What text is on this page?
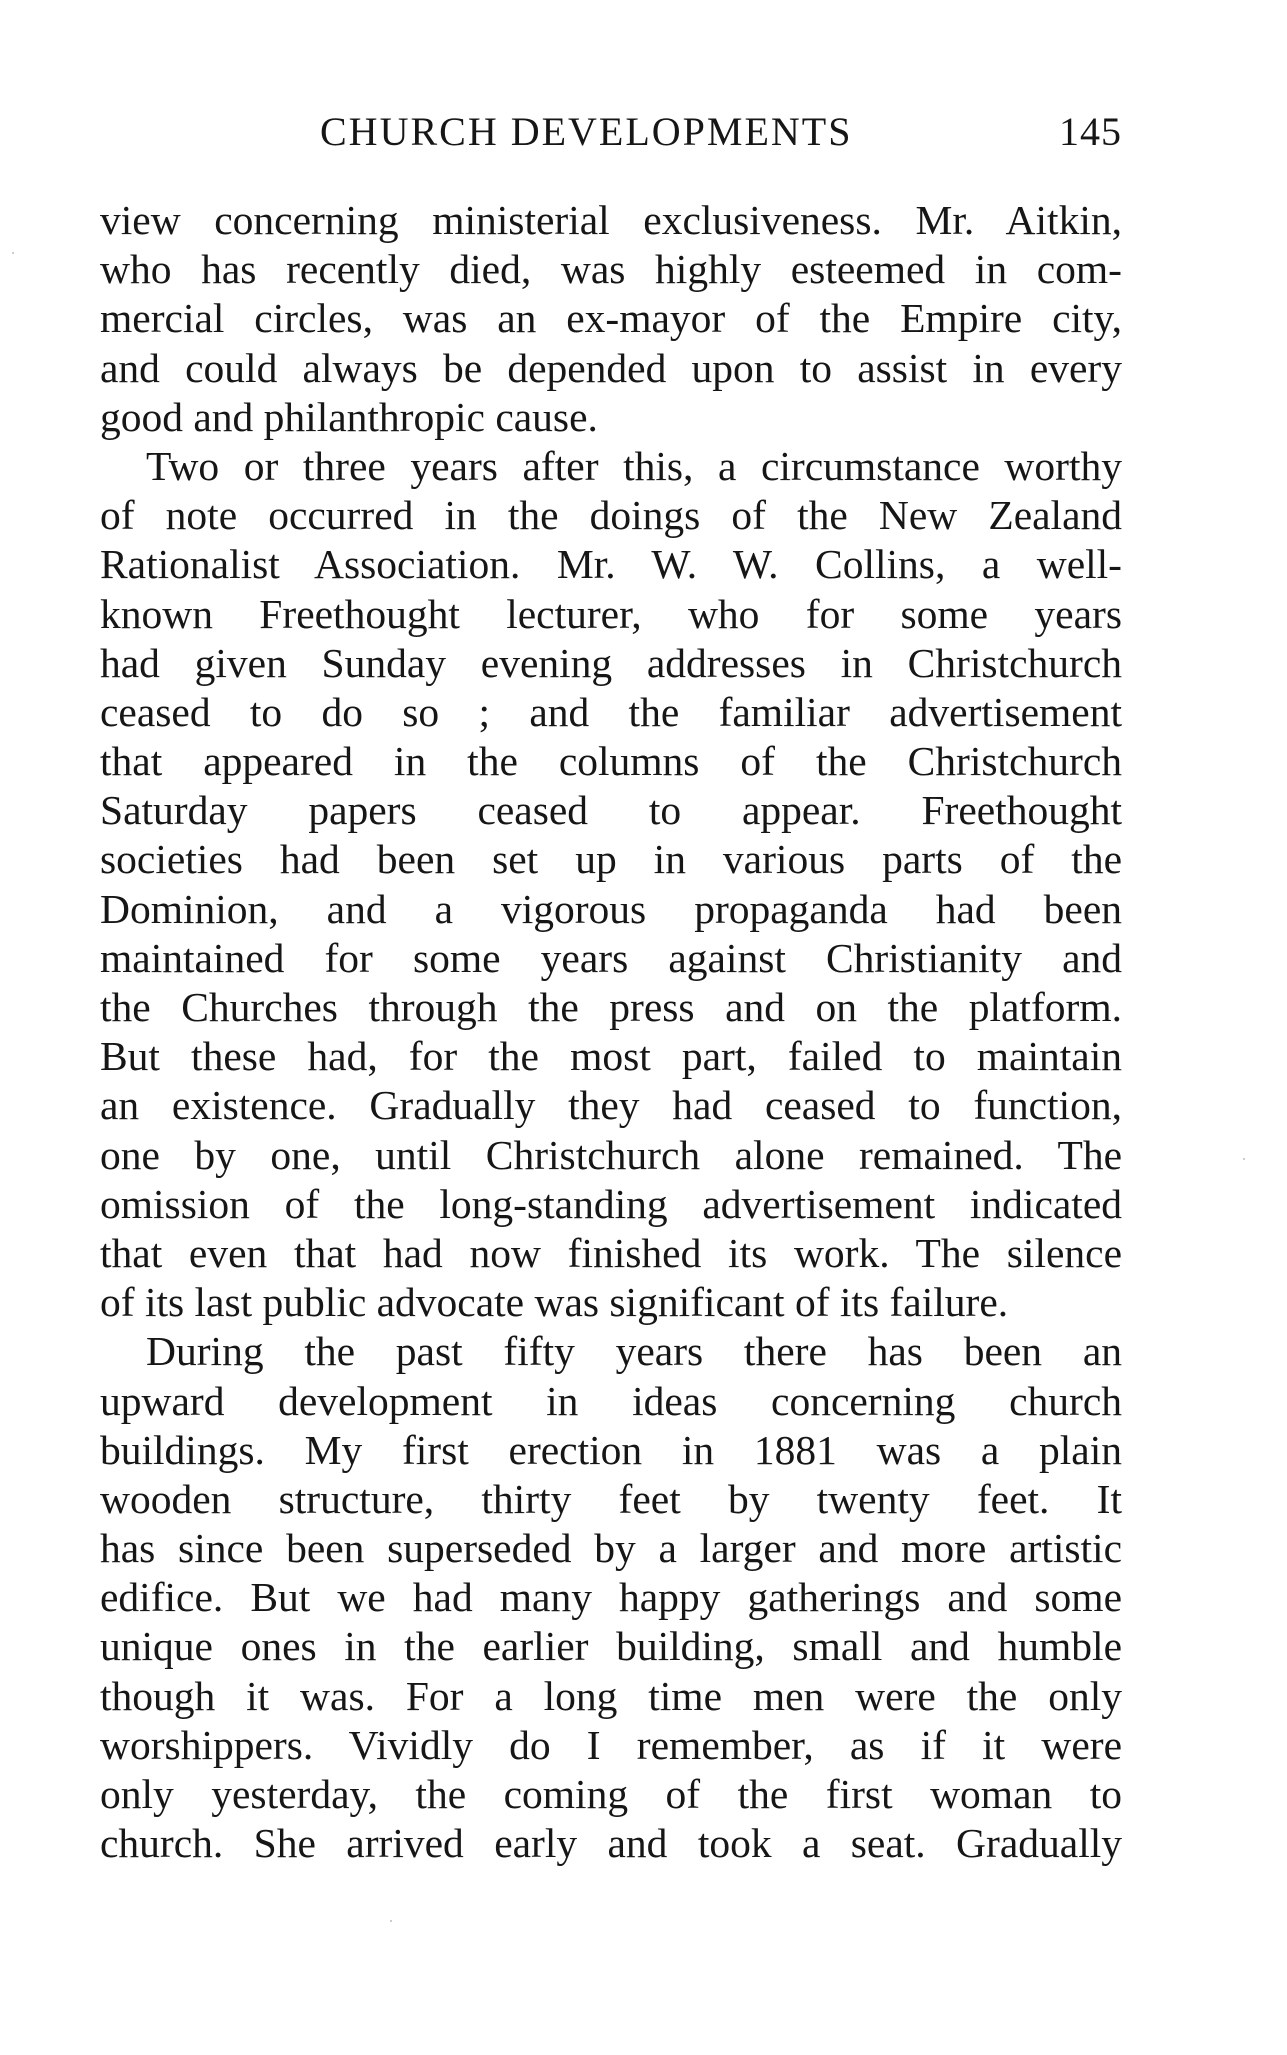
CHURCH DEVELOPMENTS	145
view concerning ministerial exclusiveness. Mr. Aitkin,
who has recently died, was highly esteemed in com-
mercial circles, was an ex-mayor of the Empire city,
and could always be depended upon to assist in every
good and philanthropic cause.
Two or three years after this, a circumstance worthy
of note occurred in the doings of the New Zealand
Rationalist Association. Mr. W. W. Collins, a well-
known Freethought lecturer, who for some years
had given Sunday evening addresses in Christchurch
ceased to do so ; and the familiar advertisement
that appeared in the columns of the Christchurch
Saturday papers ceased to appear. Freethought
societies had been set up in various parts of the
Dominion, and a vigorous propaganda had been
maintained for some years against Christianity and
the Churches through the press and on the platform.
But these had, for the most part, failed to maintain
an existence. Gradually they had ceased to function,
one by one, until Christchurch alone remained. The
omission of the long-standing advertisement indicated
that even that had now finished its work. The silence
of its last public advocate was significant of its failure.
During the past fifty years there has been an
upward development in ideas concerning church
buildings. My first erection in 1881 was a plain
wooden structure, thirty feet by twenty feet. It
has since been superseded by a larger and more artistic
edifice. But we had many happy gatherings and some
unique ones in the earlier building, small and humble
though it was. For a long time men were the only
worshippers. Vividly do I remember, as if it were
only yesterday, the coming of the first woman to
church. She arrived early and took a seat. Gradually
